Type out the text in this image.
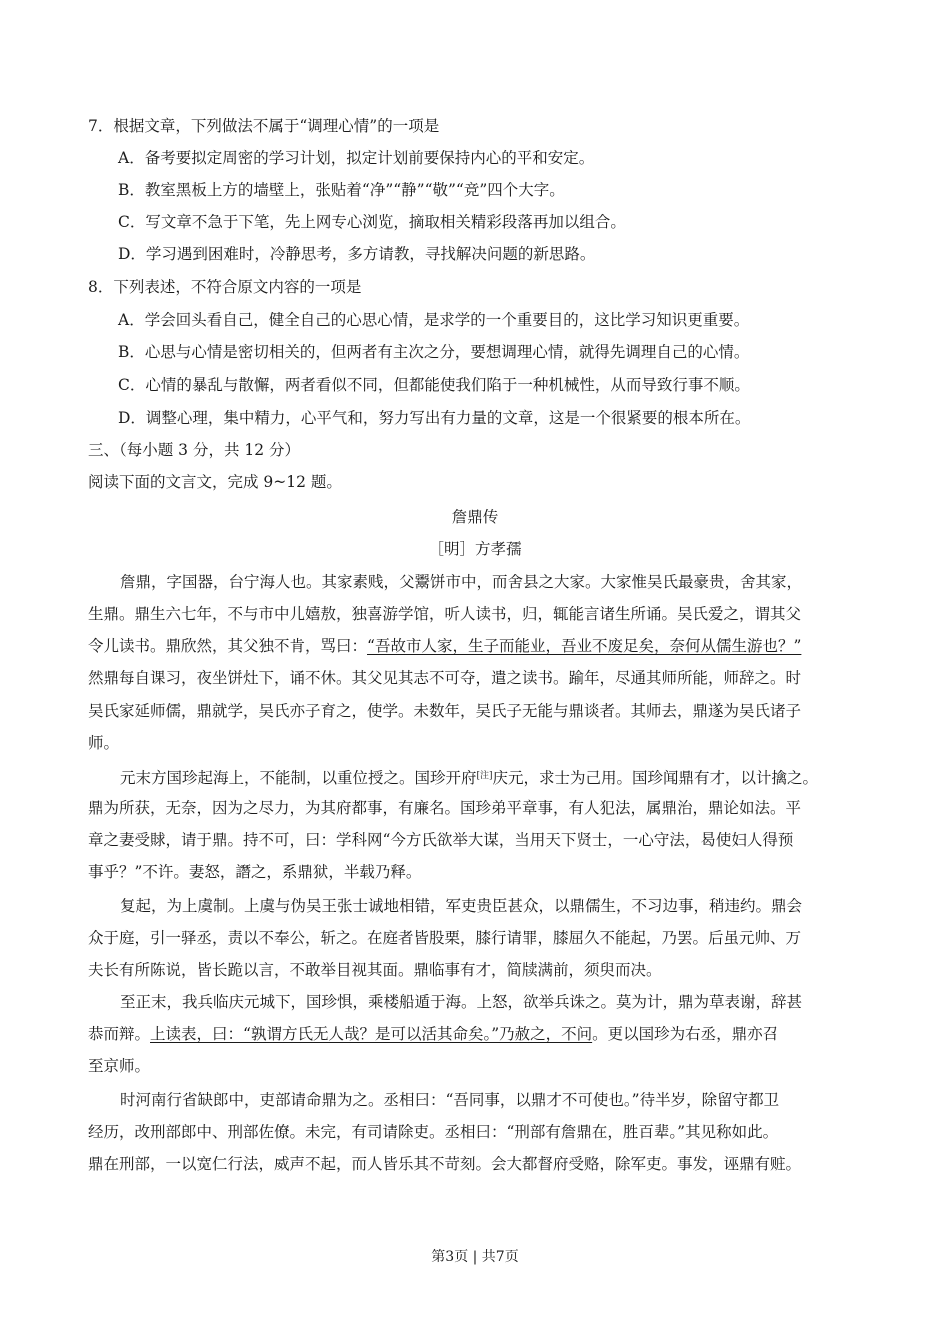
7．根据文章，下列做法不属于“调理心情”的一项是
A．备考要拟定周密的学习计划，拟定计划前要保持内心的平和安定。
B．教室黑板上方的墙壁上，张贴着“净”“静”“敬”“竞”四个大字。
C．写文章不急于下笔，先上网专心浏览，摘取相关精彩段落再加以组合。
D．学习遇到困难时，冷静思考，多方请教，寻找解决问题的新思路。
8．下列表述，不符合原文内容的一项是
A．学会回头看自己，健全自己的心思心情，是求学的一个重要目的，这比学习知识更重要。
B．心思与心情是密切相关的，但两者有主次之分，要想调理心情，就得先调理自己的心情。
C．心情的暴乱与散懈，两者看似不同，但都能使我们陷于一种机械性，从而导致行事不顺。
D．调整心理，集中精力，心平气和，努力写出有力量的文章，这是一个很紧要的根本所在。
三、（每小题 3 分，共 12 分）
阅读下面的文言文，完成 9~12 题。
詹鼎传
［明］方孝孺
詹鼎，字国器，台宁海人也。其家素贱，父鬻饼市中，而舍县之大家。大家惟吴氏最豪贵，舍其家，
生鼎。鼎生六七年，不与市中儿嬉敖，独喜游学馆，听人读书，归，辄能言诸生所诵。吴氏爱之，谓其父
令儿读书。鼎欣然，其父独不肯，骂曰：“吾故市人家，生子而能业，吾业不废足矣，奈何从儒生游也？”
然鼎每自课习，夜坐饼灶下，诵不休。其父见其志不可夺，遣之读书。踰年，尽通其师所能，师辞之。时
吴氏家延师儒，鼎就学，吴氏亦子育之，使学。未数年，吴氏子无能与鼎谈者。其师去，鼎遂为吴氏诸子
师。
元末方国珍起海上，不能制，以重位授之。国珍开府[注]庆元，求士为己用。国珍闻鼎有才，以计擒之。
鼎为所获，无奈，因为之尽力，为其府都事，有廉名。国珍弟平章事，有人犯法，属鼎治，鼎论如法。平
章之妻受賕，请于鼎。持不可，曰：学科网“今方氏欲举大谋，当用天下贤士，一心守法，曷使妇人得预
事乎？”不许。妻怒，譖之，系鼎狱，半载乃释。
复起，为上虞制。上虞与伪吴王张士诚地相错，军吏贵臣甚众，以鼎儒生，不习边事，稍违约。鼎会
众于庭，引一驿丞，责以不奉公，斩之。在庭者皆股栗，膝行请罪，膝屈久不能起，乃罢。后虽元帅、万
夫长有所陈说，皆长跪以言，不敢举目视其面。鼎临事有才，简牍满前，须臾而决。
至正末，我兵临庆元城下，国珍惧，乘楼船遁于海。上怒，欲举兵诛之。莫为计，鼎为草表谢，辞甚
恭而辩。上读表，曰：“孰谓方氏无人哉？是可以活其命矣。”乃赦之，不问。更以国珍为右丞，鼎亦召
至京师。
时河南行省缺郎中，吏部请命鼎为之。丞相曰：“吾同事，以鼎才不可使也。”待半岁，除留守都卫
经历，改刑部郎中、刑部佐僚。未完，有司请除吏。丞相曰：“刑部有詹鼎在，胜百辈。”其见称如此。
鼎在刑部，一以宽仁行法，威声不起，而人皆乐其不苛刻。会大都督府受赂，除军吏。事发，诬鼎有赃。
第3页 | 共7页
